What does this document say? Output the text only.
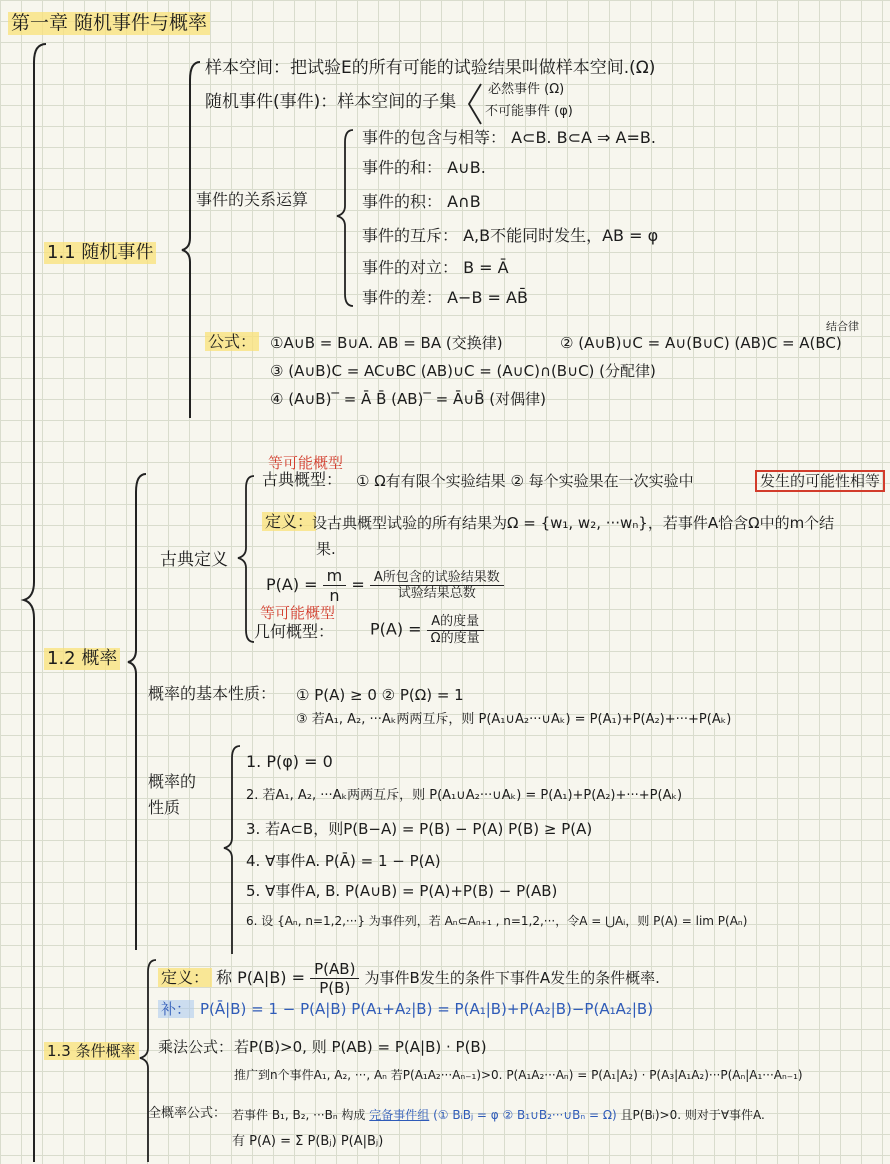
第一章 随机事件与概率
1.1 随机事件
样本空间：把试验E的所有可能的试验结果叫做样本空间.(Ω)
随机事件(事件)：样本空间的子集
必然事件 (Ω)
不可能事件 (φ)
事件的关系运算
事件的包含与相等： A⊂B. B⊂A ⇒ A=B.
事件的和： A∪B.
事件的积： A∩B
事件的互斥： A,B不能同时发生，AB = φ
事件的对立： B = Ā
事件的差： A−B = AB̄
公式： ①A∪B = B∪A. AB = BA (交换律)	② (A∪B)∪C = A∪(B∪C) (AB)C = A(BC)
结合律
③ (A∪B)C = AC∪BC (AB)∪C = (A∪C)∩(B∪C) (分配律)
④ (A∪B)‾ = Ā B̄ (AB)‾ = Ā∪B̄ (对偶律)
1.2 概率
古典定义
等可能概型
古典概型： ① Ω有有限个实验结果 ② 每个实验果在一次实验中	发生的可能性相等
定义：
设古典概型试验的所有结果为Ω = {w₁, w₂, ···wₙ}，若事件A恰含Ω中的m个结
果.
$P(A) = \frac{m}{n} = \frac{\text{A所包含的试验结果数}}{\text{试验结果总数}}$
等可能概型
几何概型： $P(A) = \frac{\text{A的度量}}{\text{Ω的度量}}$
概率的基本性质： ① P(A) ≥ 0 ② P(Ω) = 1
③ 若A₁, A₂, ···Aₖ两两互斥，则 P(A₁∪A₂···∪Aₖ) = P(A₁)+P(A₂)+···+P(Aₖ)
概率的
性质
1. P(φ) = 0
2. 若A₁, A₂, ···Aₖ两两互斥，则 P(A₁∪A₂···∪Aₖ) = P(A₁)+P(A₂)+···+P(Aₖ)
3. 若A⊂B，则P(B−A) = P(B) − P(A) P(B) ≥ P(A)
4. ∀事件A. P(Ā) = 1 − P(A)
5. ∀事件A, B. P(A∪B) = P(A)+P(B) − P(AB)
6. 设 {Aₙ, n=1,2,···} 为事件列，若 Aₙ⊂Aₙ₊₁ , n=1,2,···，令A = ⋃Aᵢ，则 P(A) = lim P(Aₙ)
1.3 条件概率
定义： 称 $P(A|B) = \frac{P(AB)}{P(B)}$ 为事件B发生的条件下事件A发生的条件概率.
补： P(Ā|B) = 1 − P(A|B) P(A₁+A₂|B) = P(A₁|B)+P(A₂|B)−P(A₁A₂|B)
乘法公式： 若P(B)>0, 则 P(AB) = P(A|B) · P(B)
推广到n个事件A₁, A₂, ···, Aₙ 若P(A₁A₂···Aₙ₋₁)>0. P(A₁A₂···Aₙ) = P(A₁|A₂) · P(A₃|A₁A₂)···P(Aₙ|A₁···Aₙ₋₁)
全概率公式： 若事件 B₁, B₂, ···Bₙ 构成 完备事件组 (① BᵢBⱼ = φ ② B₁∪B₂···∪Bₙ = Ω) 且P(Bᵢ)>0. 则对于∀事件A.
有 P(A) = Σ P(Bⱼ) P(A|Bⱼ)
